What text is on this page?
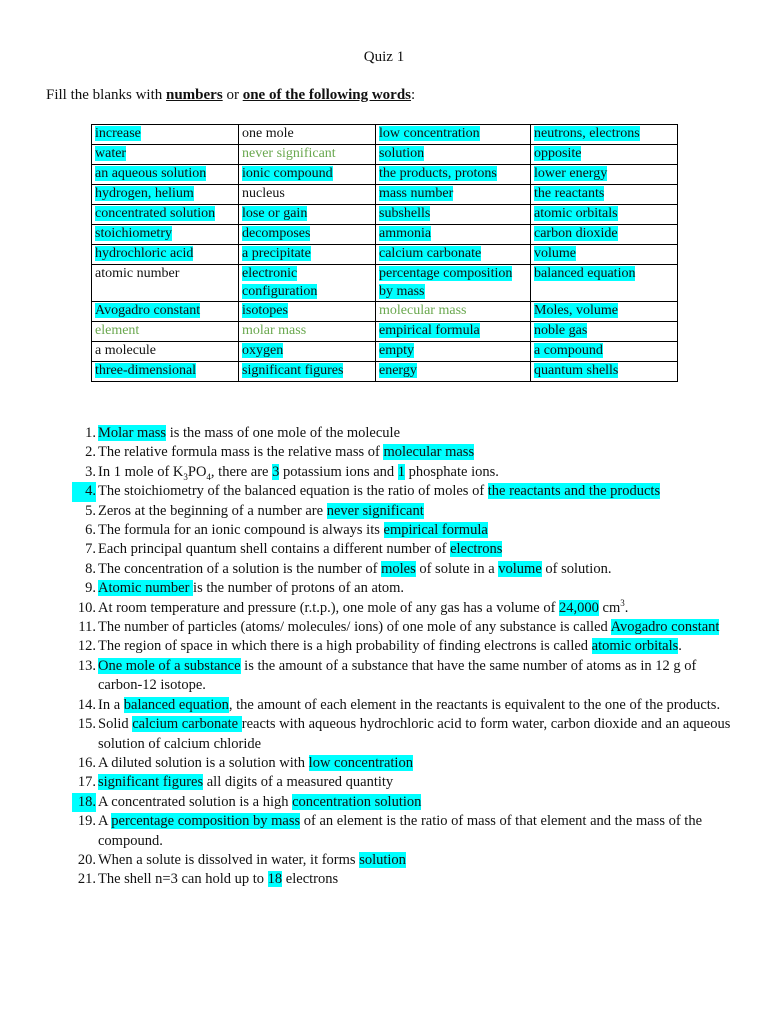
Quiz 1
Fill the blanks with numbers or one of the following words:
increase	one mole	low concentration	neutrons, electrons
water	never significant	solution	opposite
an aqueous solution	ionic compound	the products, protons	lower energy
hydrogen, helium	nucleus	mass number	the reactants
concentrated solution	lose or gain	subshells	atomic orbitals
stoichiometry	decomposes	ammonia	carbon dioxide
hydrochloric acid	a precipitate	calcium carbonate	volume
atomic number	electronic configuration	percentage composition by mass	balanced equation
Avogadro constant	isotopes	molecular mass	Moles, volume
element	molar mass	empirical formula	noble gas
a molecule	oxygen	empty	a compound
three-dimensional	significant figures	energy	quantum shells
1. Molar mass is the mass of one mole of the molecule
2. The relative formula mass is the relative mass of molecular mass
3. In 1 mole of $K_3PO_4$, there are 3 potassium ions and 1 phosphate ions.
4. The stoichiometry of the balanced equation is the ratio of moles of the reactants and the products
5. Zeros at the beginning of a number are never significant
6. The formula for an ionic compound is always its empirical formula
7. Each principal quantum shell contains a different number of electrons
8. The concentration of a solution is the number of moles of solute in a volume of solution.
9. Atomic number is the number of protons of an atom.
10. At room temperature and pressure (r.t.p.), one mole of any gas has a volume of 24,000 $cm^3$.
11. The number of particles (atoms/ molecules/ ions) of one mole of any substance is called Avogadro constant
12. The region of space in which there is a high probability of finding electrons is called atomic orbitals.
13. One mole of a substance is the amount of a substance that have the same number of atoms as in 12 g of carbon-12 isotope.
14. In a balanced equation, the amount of each element in the reactants is equivalent to the one of the products.
15. Solid calcium carbonate reacts with aqueous hydrochloric acid to form water, carbon dioxide and an aqueous solution of calcium chloride
16. A diluted solution is a solution with low concentration
17. significant figures all digits of a measured quantity
18. A concentrated solution is a high concentration solution
19. A percentage composition by mass of an element is the ratio of mass of that element and the mass of the compound.
20. When a solute is dissolved in water, it forms solution
21. The shell n=3 can hold up to 18 electrons
